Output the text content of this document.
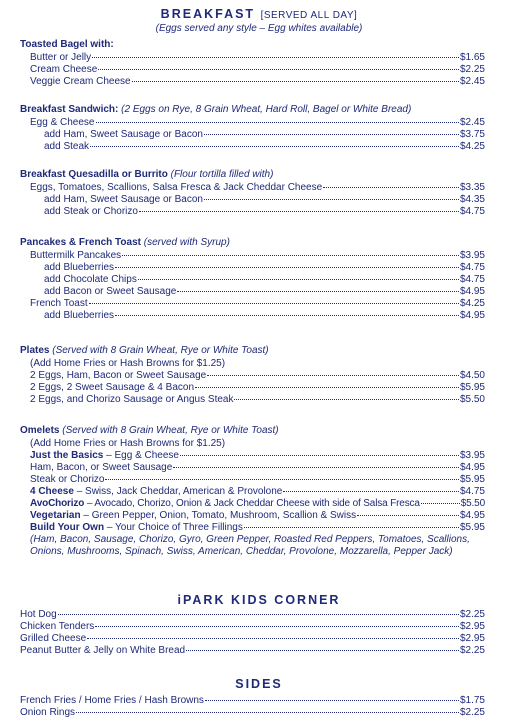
BREAKFAST [SERVED ALL DAY]

(Eggs served any style – Egg whites available)

Toasted Bagel with:

Butter or Jelly	$1.65
Cream Cheese	$2.25
Veggie Cream Cheese	$2.45

Breakfast Sandwich: (2 Eggs on Rye, 8 Grain Wheat, Hard Roll, Bagel or White Bread)

Egg & Cheese	$2.45
add Ham, Sweet Sausage or Bacon	$3.75
add Steak	$4.25

Breakfast Quesadilla or Burrito (Flour tortilla filled with)

Eggs, Tomatoes, Scallions, Salsa Fresca & Jack Cheddar Cheese	$3.35
add Ham, Sweet Sausage or Bacon	$4.35
add Steak or Chorizo	$4.75

Pancakes & French Toast (served with Syrup)

Buttermilk Pancakes	$3.95
add Blueberries	$4.75
add Chocolate Chips	$4.75
add Bacon or Sweet Sausage	$4.95
French Toast	$4.25
add Blueberries	$4.95

Plates (Served with 8 Grain Wheat, Rye or White Toast)

(Add Home Fries or Hash Browns for $1.25)

2 Eggs, Ham, Bacon or Sweet Sausage	$4.50
2 Eggs, 2 Sweet Sausage & 4 Bacon	$5.95
2 Eggs, and Chorizo Sausage or Angus Steak	$5.50

Omelets (Served with 8 Grain Wheat, Rye or White Toast)

(Add Home Fries or Hash Browns for $1.25)

Just the Basics – Egg & Cheese	$3.95
Ham, Bacon, or Sweet Sausage	$4.95
Steak or Chorizo	$5.95
4 Cheese – Swiss, Jack Cheddar, American & Provolone	$4.75
AvoChorizo – Avocado, Chorizo, Onion & Jack Cheddar Cheese with side of Salsa Fresca	$5.50
Vegetarian – Green Pepper, Onion, Tomato, Mushroom, Scallion & Swiss	$4.95
Build Your Own – Your Choice of Three Fillings	$5.95

(Ham, Bacon, Sausage, Chorizo, Gyro, Green Pepper, Roasted Red Peppers, Tomatoes, Scallions, Onions, Mushrooms, Spinach, Swiss, American, Cheddar, Provolone, Mozzarella, Pepper Jack)

iPARK KIDS CORNER

Hot Dog	$2.25
Chicken Tenders	$2.95
Grilled Cheese	$2.95
Peanut Butter & Jelly on White Bread	$2.25

SIDES

French Fries / Home Fries / Hash Browns	$1.75
Onion Rings	$2.25
